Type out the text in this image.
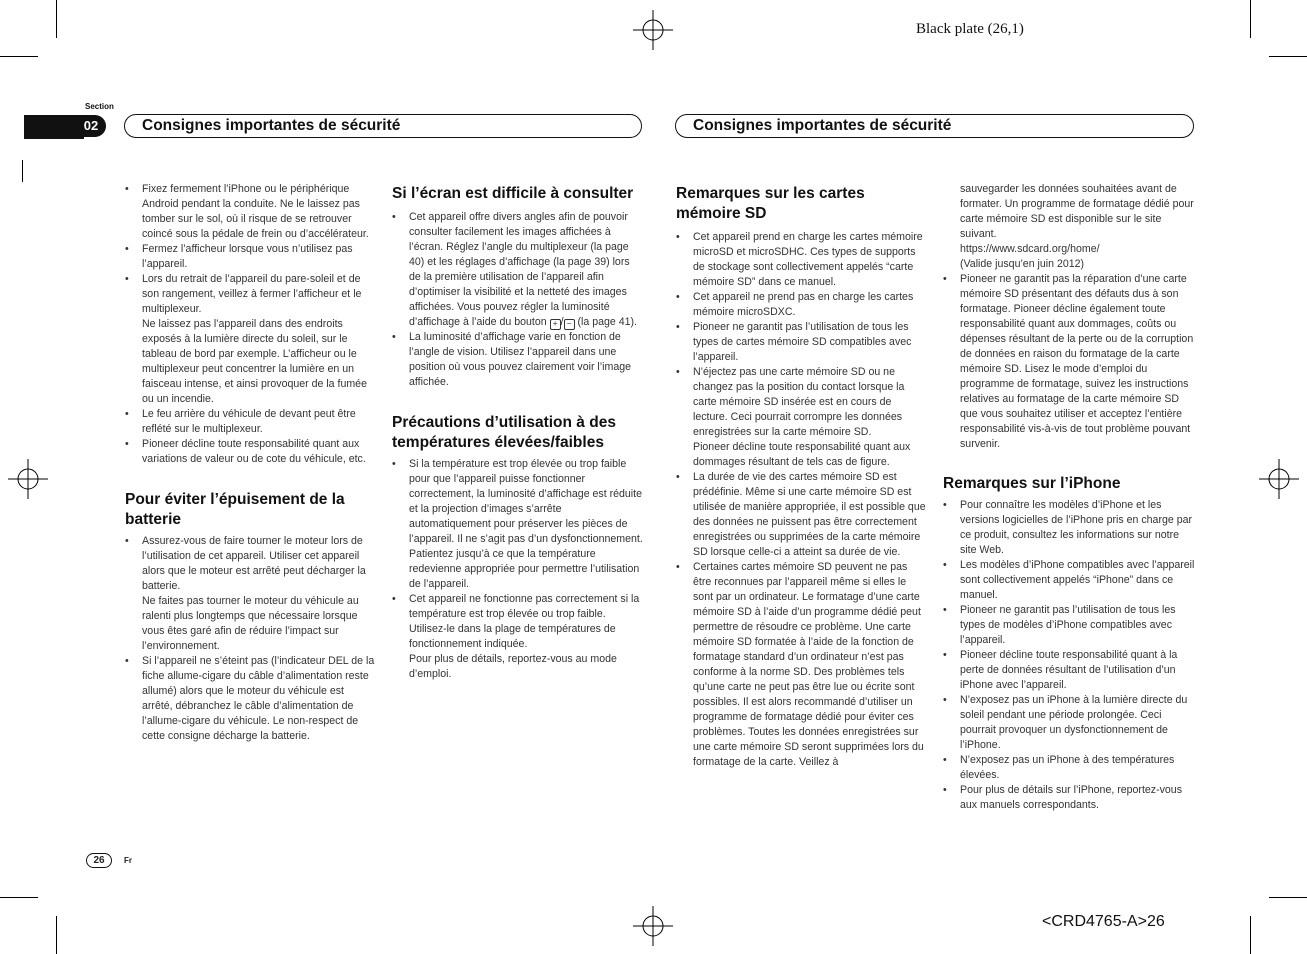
Black plate (26,1)
<CRD4765-A>26
Section
02	Consignes importantes de sécurité	Consignes importantes de sécurité
• Fixez fermement l’iPhone ou le périphérique Android pendant la conduite. Ne le laissez pas tomber sur le sol, où il risque de se retrouver coincé sous la pédale de frein ou d’accélérateur.
• Fermez l’afficheur lorsque vous n’utilisez pas l’appareil.
• Lors du retrait de l’appareil du pare-soleil et de son rangement, veillez à fermer l’afficheur et le multiplexeur.

Ne laissez pas l’appareil dans des endroits exposés à la lumière directe du soleil, sur le tableau de bord par exemple. L’afficheur ou le multiplexeur peut concentrer la lumière en un faisceau intense, et ainsi provoquer de la fumée ou un incendie.

• Le feu arrière du véhicule de devant peut être reflété sur le multiplexeur.
• Pioneer décline toute responsabilité quant aux variations de valeur ou de cote du véhicule, etc.
Pour éviter l’épuisement de la batterie
• Assurez-vous de faire tourner le moteur lors de l’utilisation de cet appareil. Utiliser cet appareil alors que le moteur est arrêté peut décharger la batterie.

Ne faites pas tourner le moteur du véhicule au ralenti plus longtemps que nécessaire lorsque vous êtes garé afin de réduire l’impact sur l’environnement.

• Si l’appareil ne s’éteint pas (l’indicateur DEL de la fiche allume-cigare du câble d’alimentation reste allumé) alors que le moteur du véhicule est arrêté, débranchez le câble d’alimentation de l’allume-cigare du véhicule. Le non-respect de cette consigne décharge la batterie.
Si l’écran est difficile à consulter
• Cet appareil offre divers angles afin de pouvoir consulter facilement les images affichées à l’écran. Réglez l’angle du multiplexeur (la page 40) et les réglages d’affichage (la page 39) lors de la première utilisation de l’appareil afin d’optimiser la visibilité et la netteté des images affichées. Vous pouvez régler la luminosité d’affichage à l’aide du bouton + / − (la page 41).
• La luminosité d’affichage varie en fonction de l’angle de vision. Utilisez l’appareil dans une position où vous pouvez clairement voir l’image affichée.
Précautions d’utilisation à des températures élevées/faibles
• Si la température est trop élevée ou trop faible pour que l’appareil puisse fonctionner correctement, la luminosité d’affichage est réduite et la projection d’images s’arrête automatiquement pour préserver les pièces de l’appareil. Il ne s’agit pas d’un dysfonctionnement. Patientez jusqu’à ce que la température redevienne appropriée pour permettre l’utilisation de l’appareil.
• Cet appareil ne fonctionne pas correctement si la température est trop élevée ou trop faible. Utilisez-le dans la plage de températures de fonctionnement indiquée.

Pour plus de détails, reportez-vous au mode d’emploi.

Remarques sur les cartes mémoire SD
• Cet appareil prend en charge les cartes mémoire microSD et microSDHC. Ces types de supports de stockage sont collectivement appelés “carte mémoire SD” dans ce manuel.
• Cet appareil ne prend pas en charge les cartes mémoire microSDXC.
• Pioneer ne garantit pas l’utilisation de tous les types de cartes mémoire SD compatibles avec l’appareil.
• N’éjectez pas une carte mémoire SD ou ne changez pas la position du contact lorsque la carte mémoire SD insérée est en cours de lecture. Ceci pourrait corrompre les données enregistrées sur la carte mémoire SD.

Pioneer décline toute responsabilité quant aux dommages résultant de tels cas de figure.

• La durée de vie des cartes mémoire SD est prédéfinie. Même si une carte mémoire SD est utilisée de manière appropriée, il est possible que des données ne puissent pas être correctement enregistrées ou supprimées de la carte mémoire SD lorsque celle-ci a atteint sa durée de vie.
• Certaines cartes mémoire SD peuvent ne pas être reconnues par l’appareil même si elles le sont par un ordinateur. Le formatage d’une carte mémoire SD à l’aide d’un programme dédié peut permettre de résoudre ce problème. Une carte mémoire SD formatée à l’aide de la fonction de formatage standard d’un ordinateur n’est pas conforme à la norme SD. Des problèmes tels qu’une carte ne peut pas être lue ou écrite sont possibles. Il est alors recommandé d’utiliser un programme de formatage dédié pour éviter ces problèmes. Toutes les données enregistrées sur une carte mémoire SD seront supprimées lors du formatage de la carte. Veillez à

sauvegarder les données souhaitées avant de formater. Un programme de formatage dédié pour carte mémoire SD est disponible sur le site suivant.

https://www.sdcard.org/home/

(Valide jusqu’en juin 2012)

• Pioneer ne garantit pas la réparation d’une carte mémoire SD présentant des défauts dus à son formatage. Pioneer décline également toute responsabilité quant aux dommages, coûts ou dépenses résultant de la perte ou de la corruption de données en raison du formatage de la carte mémoire SD. Lisez le mode d’emploi du programme de formatage, suivez les instructions relatives au formatage de la carte mémoire SD que vous souhaitez utiliser et acceptez l’entière responsabilité vis-à-vis de tout problème pouvant survenir.
Remarques sur l’iPhone
• Pour connaître les modèles d’iPhone et les versions logicielles de l’iPhone pris en charge par ce produit, consultez les informations sur notre site Web.
• Les modèles d’iPhone compatibles avec l’appareil sont collectivement appelés “iPhone” dans ce manuel.
• Pioneer ne garantit pas l’utilisation de tous les types de modèles d’iPhone compatibles avec l’appareil.
• Pioneer décline toute responsabilité quant à la perte de données résultant de l’utilisation d’un iPhone avec l’appareil.
• N’exposez pas un iPhone à la lumière directe du soleil pendant une période prolongée. Ceci pourrait provoquer un dysfonctionnement de l’iPhone.
• N’exposez pas un iPhone à des températures élevées.
• Pour plus de détails sur l’iPhone, reportez-vous aux manuels correspondants.
26	Fr
